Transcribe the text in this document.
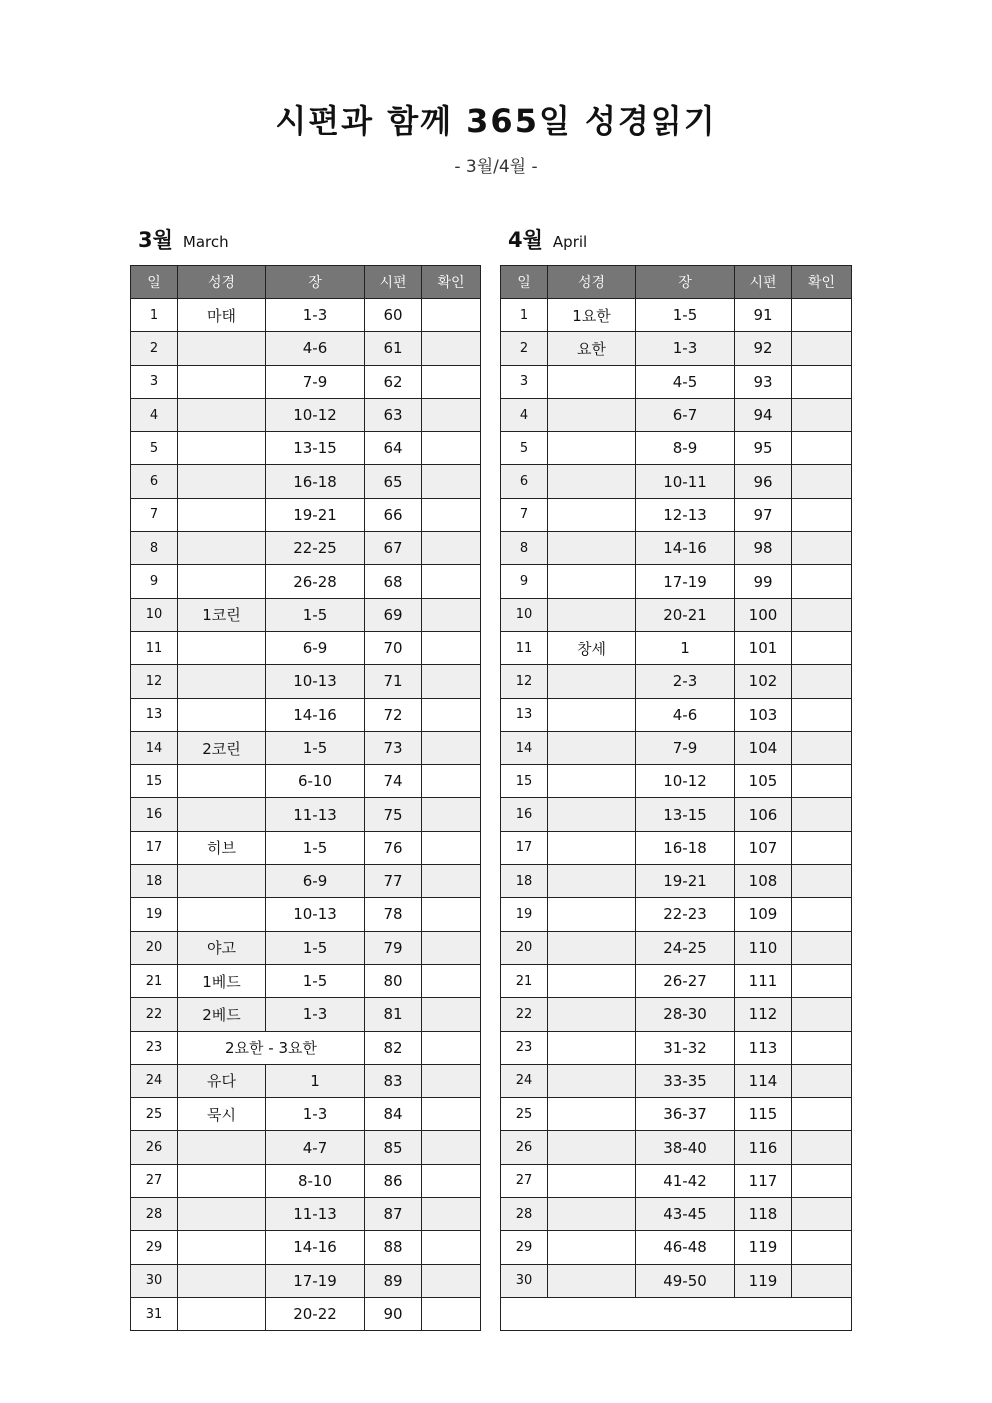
시편과 함께 365일 성경읽기
- 3월/4월 -
3월 March	4월 April
일	성경	장	시편	확인
1	마태	1-3	60	
2		4-6	61	
3		7-9	62	
4		10-12	63	
5		13-15	64	
6		16-18	65	
7		19-21	66	
8		22-25	67	
9		26-28	68	
10	1코린	1-5	69	
11		6-9	70	
12		10-13	71	
13		14-16	72	
14	2코린	1-5	73	
15		6-10	74	
16		11-13	75	
17	히브	1-5	76	
18		6-9	77	
19		10-13	78	
20	야고	1-5	79	
21	1베드	1-5	80	
22	2베드	1-3	81	
23	2요한 - 3요한		82	
24	유다	1	83	
25	묵시	1-3	84	
26		4-7	85	
27		8-10	86	
28		11-13	87	
29		14-16	88	
30		17-19	89	
31		20-22	90	
일	성경	장	시편	확인
1	1요한	1-5	91	
2	요한	1-3	92	
3		4-5	93	
4		6-7	94	
5		8-9	95	
6		10-11	96	
7		12-13	97	
8		14-16	98	
9		17-19	99	
10		20-21	100	
11	창세	1	101	
12		2-3	102	
13		4-6	103	
14		7-9	104	
15		10-12	105	
16		13-15	106	
17		16-18	107	
18		19-21	108	
19		22-23	109	
20		24-25	110	
21		26-27	111	
22		28-30	112	
23		31-32	113	
24		33-35	114	
25		36-37	115	
26		38-40	116	
27		41-42	117	
28		43-45	118	
29		46-48	119	
30		49-50	119	
